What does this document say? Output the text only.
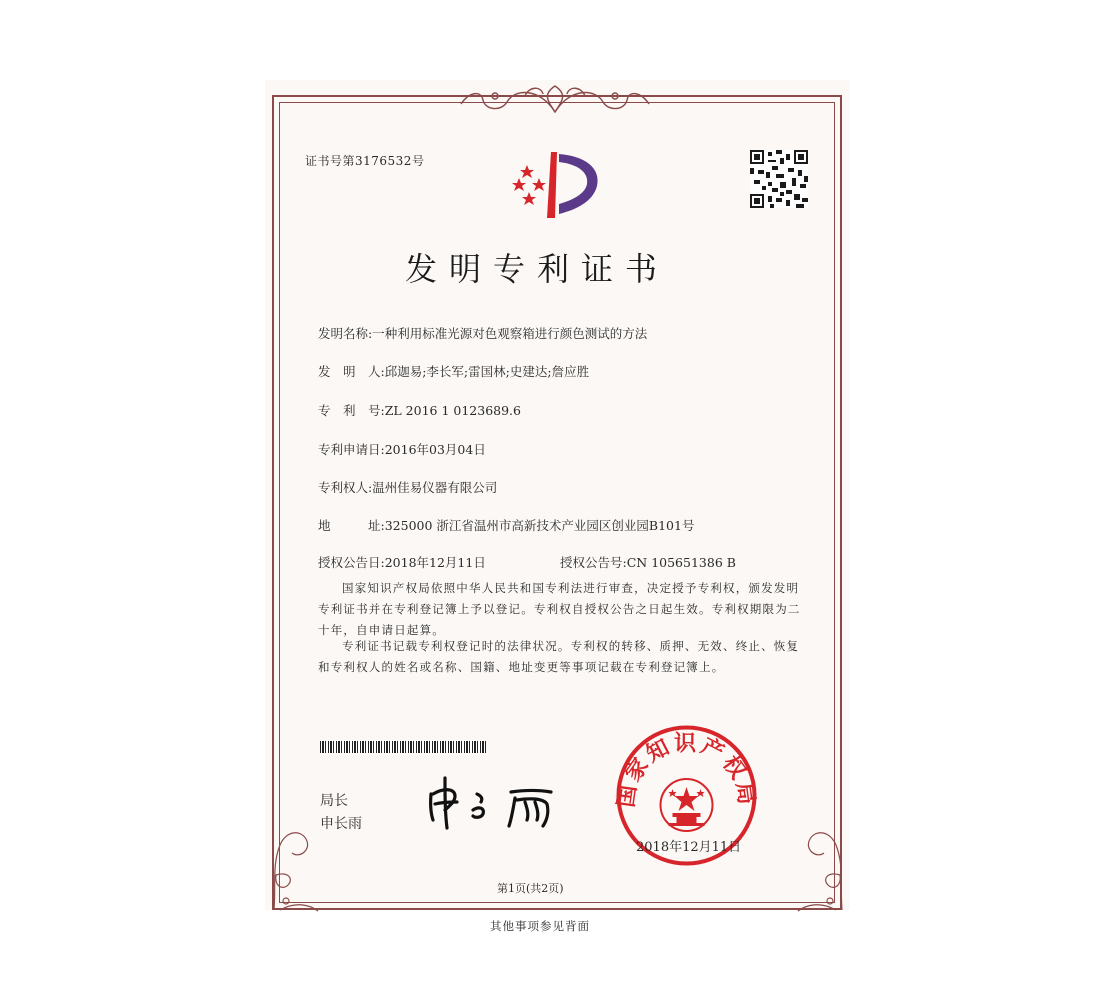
证书号第3176532号
发明专利证书
发明名称:一种利用标准光源对色观察箱进行颜色测试的方法
发　明　人:邱迦易;李长军;雷国林;史建达;詹应胜
专　利　号:ZL 2016 1 0123689.6
专利申请日:2016年03月04日
专利权人:温州佳易仪器有限公司
地　　　址:325000 浙江省温州市高新技术产业园区创业园B101号
授权公告日:2018年12月11日	授权公告号:CN 105651386 B
国家知识产权局依照中华人民共和国专利法进行审查，决定授予专利权，颁发发明专利证书并在专利登记簿上予以登记。专利权自授权公告之日起生效。专利权期限为二十年，自申请日起算。
专利证书记载专利权登记时的法律状况。专利权的转移、质押、无效、终止、恢复和专利权人的姓名或名称、国籍、地址变更等事项记载在专利登记簿上。
局长
申长雨
国家知识产权局
2018年12月11日
第1页(共2页)
其他事项参见背面
